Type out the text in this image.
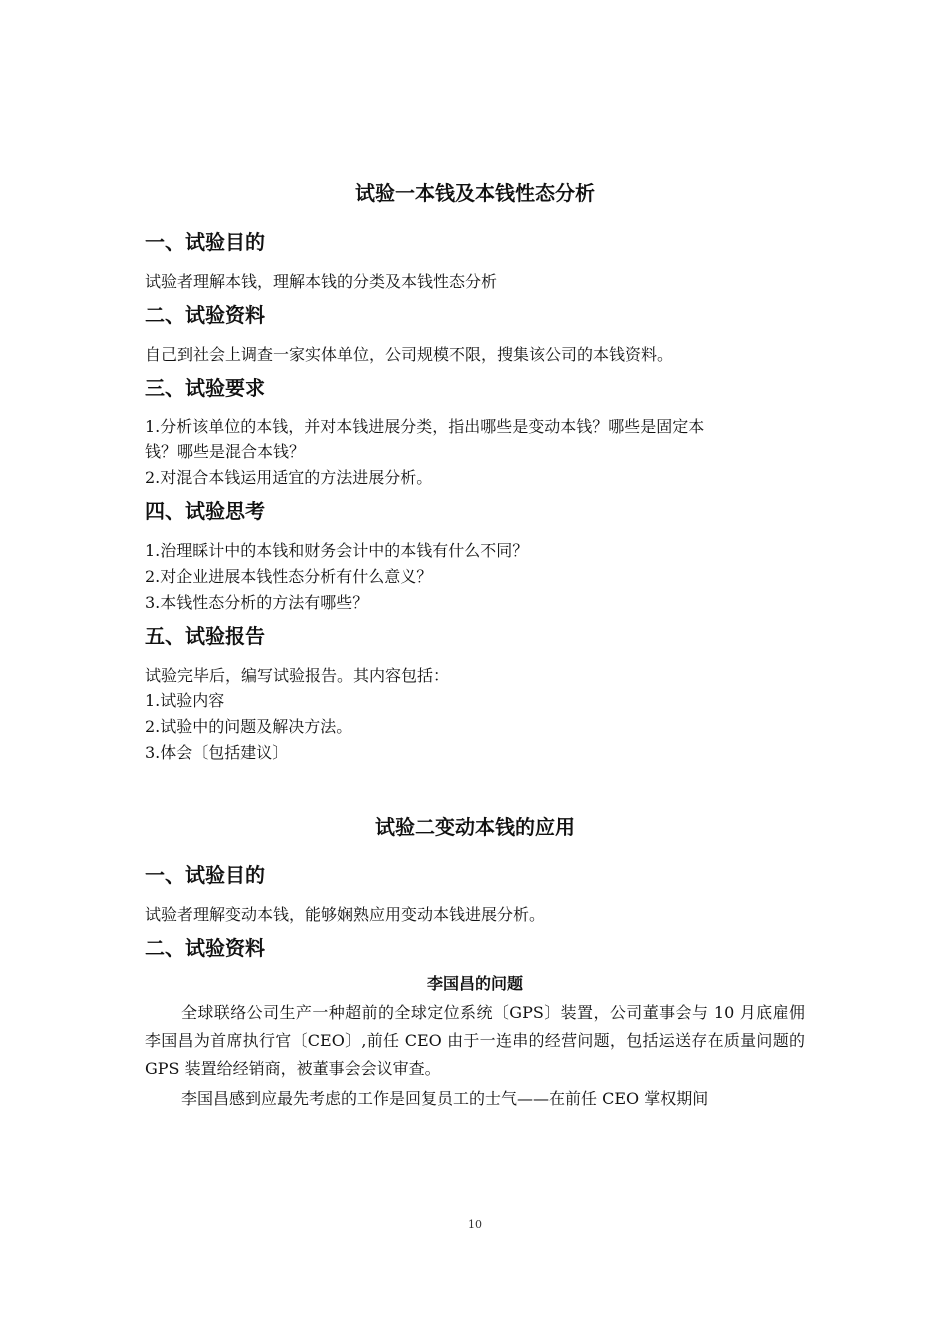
试验一本钱及本钱性态分析
一、试验目的
试验者理解本钱，理解本钱的分类及本钱性态分析
二、试验资料
自己到社会上调查一家实体单位，公司规模不限，搜集该公司的本钱资料。
三、试验要求
1.分析该单位的本钱，并对本钱进展分类，指出哪些是变动本钱？哪些是固定本
钱？哪些是混合本钱？
2.对混合本钱运用适宜的方法进展分析。
四、试验思考
1.治理睬计中的本钱和财务会计中的本钱有什么不同？
2.对企业进展本钱性态分析有什么意义？
3.本钱性态分析的方法有哪些？
五、试验报告
试验完毕后，编写试验报告。其内容包括：
1.试验内容
2.试验中的问题及解决方法。
3.体会〔包括建议〕
试验二变动本钱的应用
一、试验目的
试验者理解变动本钱，能够娴熟应用变动本钱进展分析。
二、试验资料
李国昌的问题
全球联络公司生产一种超前的全球定位系统〔GPS〕装置，公司董事会与 10 月底雇佣李国昌为首席执行官〔CEO〕,前任 CEO 由于一连串的经营问题，包括运送存在质量问题的 GPS 装置给经销商，被董事会会议审查。
李国昌感到应最先考虑的工作是回复员工的士气——在前任 CEO 掌权期间
10
